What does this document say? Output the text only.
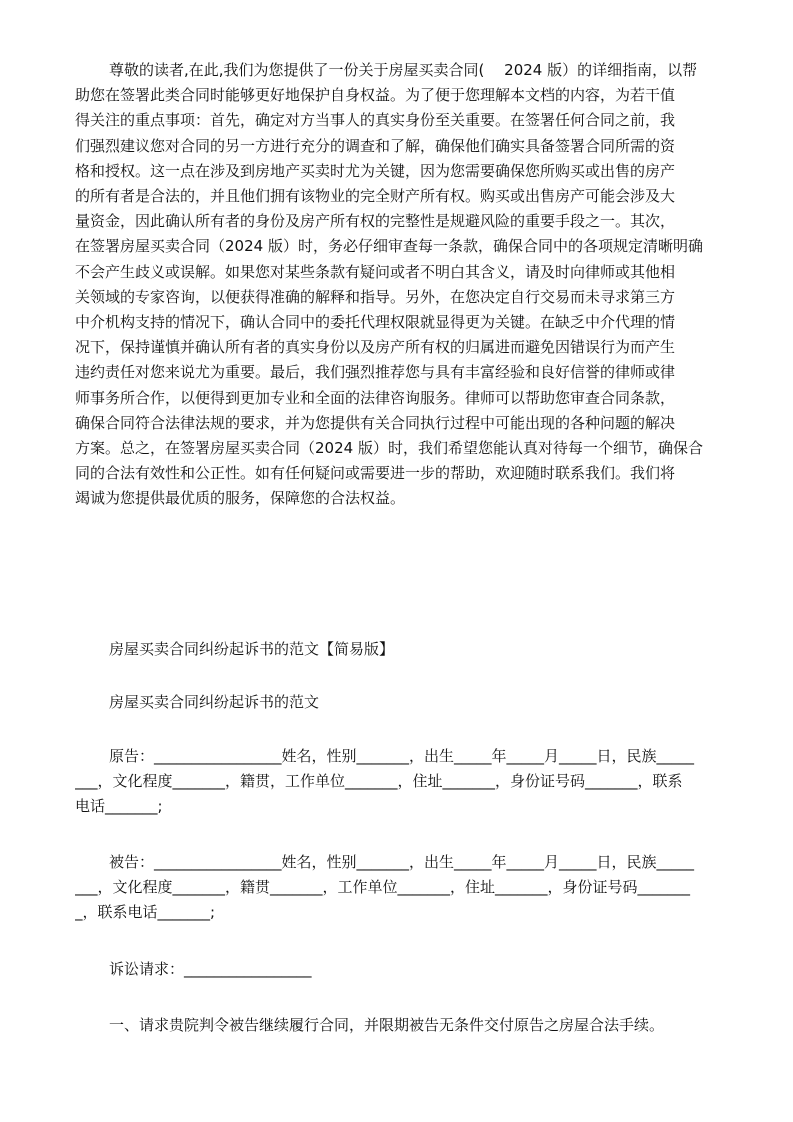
尊敬的读者,在此,我们为您提供了一份关于房屋买卖合同(　 2024 版）的详细指南，以帮
助您在签署此类合同时能够更好地保护自身权益。为了便于您理解本文档的内容，为若干值
得关注的重点事项：首先，确定对方当事人的真实身份至关重要。在签署任何合同之前，我
们强烈建议您对合同的另一方进行充分的调查和了解，确保他们确实具备签署合同所需的资
格和授权。这一点在涉及到房地产买卖时尤为关键，因为您需要确保您所购买或出售的房产
的所有者是合法的，并且他们拥有该物业的完全财产所有权。购买或出售房产可能会涉及大
量资金，因此确认所有者的身份及房产所有权的完整性是规避风险的重要手段之一。其次，
在签署房屋买卖合同（2024 版）时，务必仔细审查每一条款，确保合同中的各项规定清晰明确
不会产生歧义或误解。如果您对某些条款有疑问或者不明白其含义，请及时向律师或其他相
关领域的专家咨询，以便获得准确的解释和指导。另外，在您决定自行交易而未寻求第三方
中介机构支持的情况下，确认合同中的委托代理权限就显得更为关键。在缺乏中介代理的情
况下，保持谨慎并确认所有者的真实身份以及房产所有权的归属进而避免因错误行为而产生
违约责任对您来说尤为重要。最后，我们强烈推荐您与具有丰富经验和良好信誉的律师或律
师事务所合作，以便得到更加专业和全面的法律咨询服务。律师可以帮助您审查合同条款，
确保合同符合法律法规的要求，并为您提供有关合同执行过程中可能出现的各种问题的解决
方案。总之，在签署房屋买卖合同（2024 版）时，我们希望您能认真对待每一个细节，确保合
同的合法有效性和公正性。如有任何疑问或需要进一步的帮助，欢迎随时联系我们。我们将
竭诚为您提供最优质的服务，保障您的合法权益。
房屋买卖合同纠纷起诉书的范文【简易版】
房屋买卖合同纠纷起诉书的范文
原告：_________________姓名，性别_______，出生_____年_____月_____日，民族_____
___，文化程度_______，籍贯，工作单位_______，住址_______，身份证号码_______，联系
电话_______;
被告：_________________姓名，性别_______，出生_____年_____月_____日，民族_____
___，文化程度_______，籍贯_______，工作单位_______，住址_______，身份证号码_______
_，联系电话_______;
诉讼请求：_________________
一、请求贵院判令被告继续履行合同，并限期被告无条件交付原告之房屋合法手续。
